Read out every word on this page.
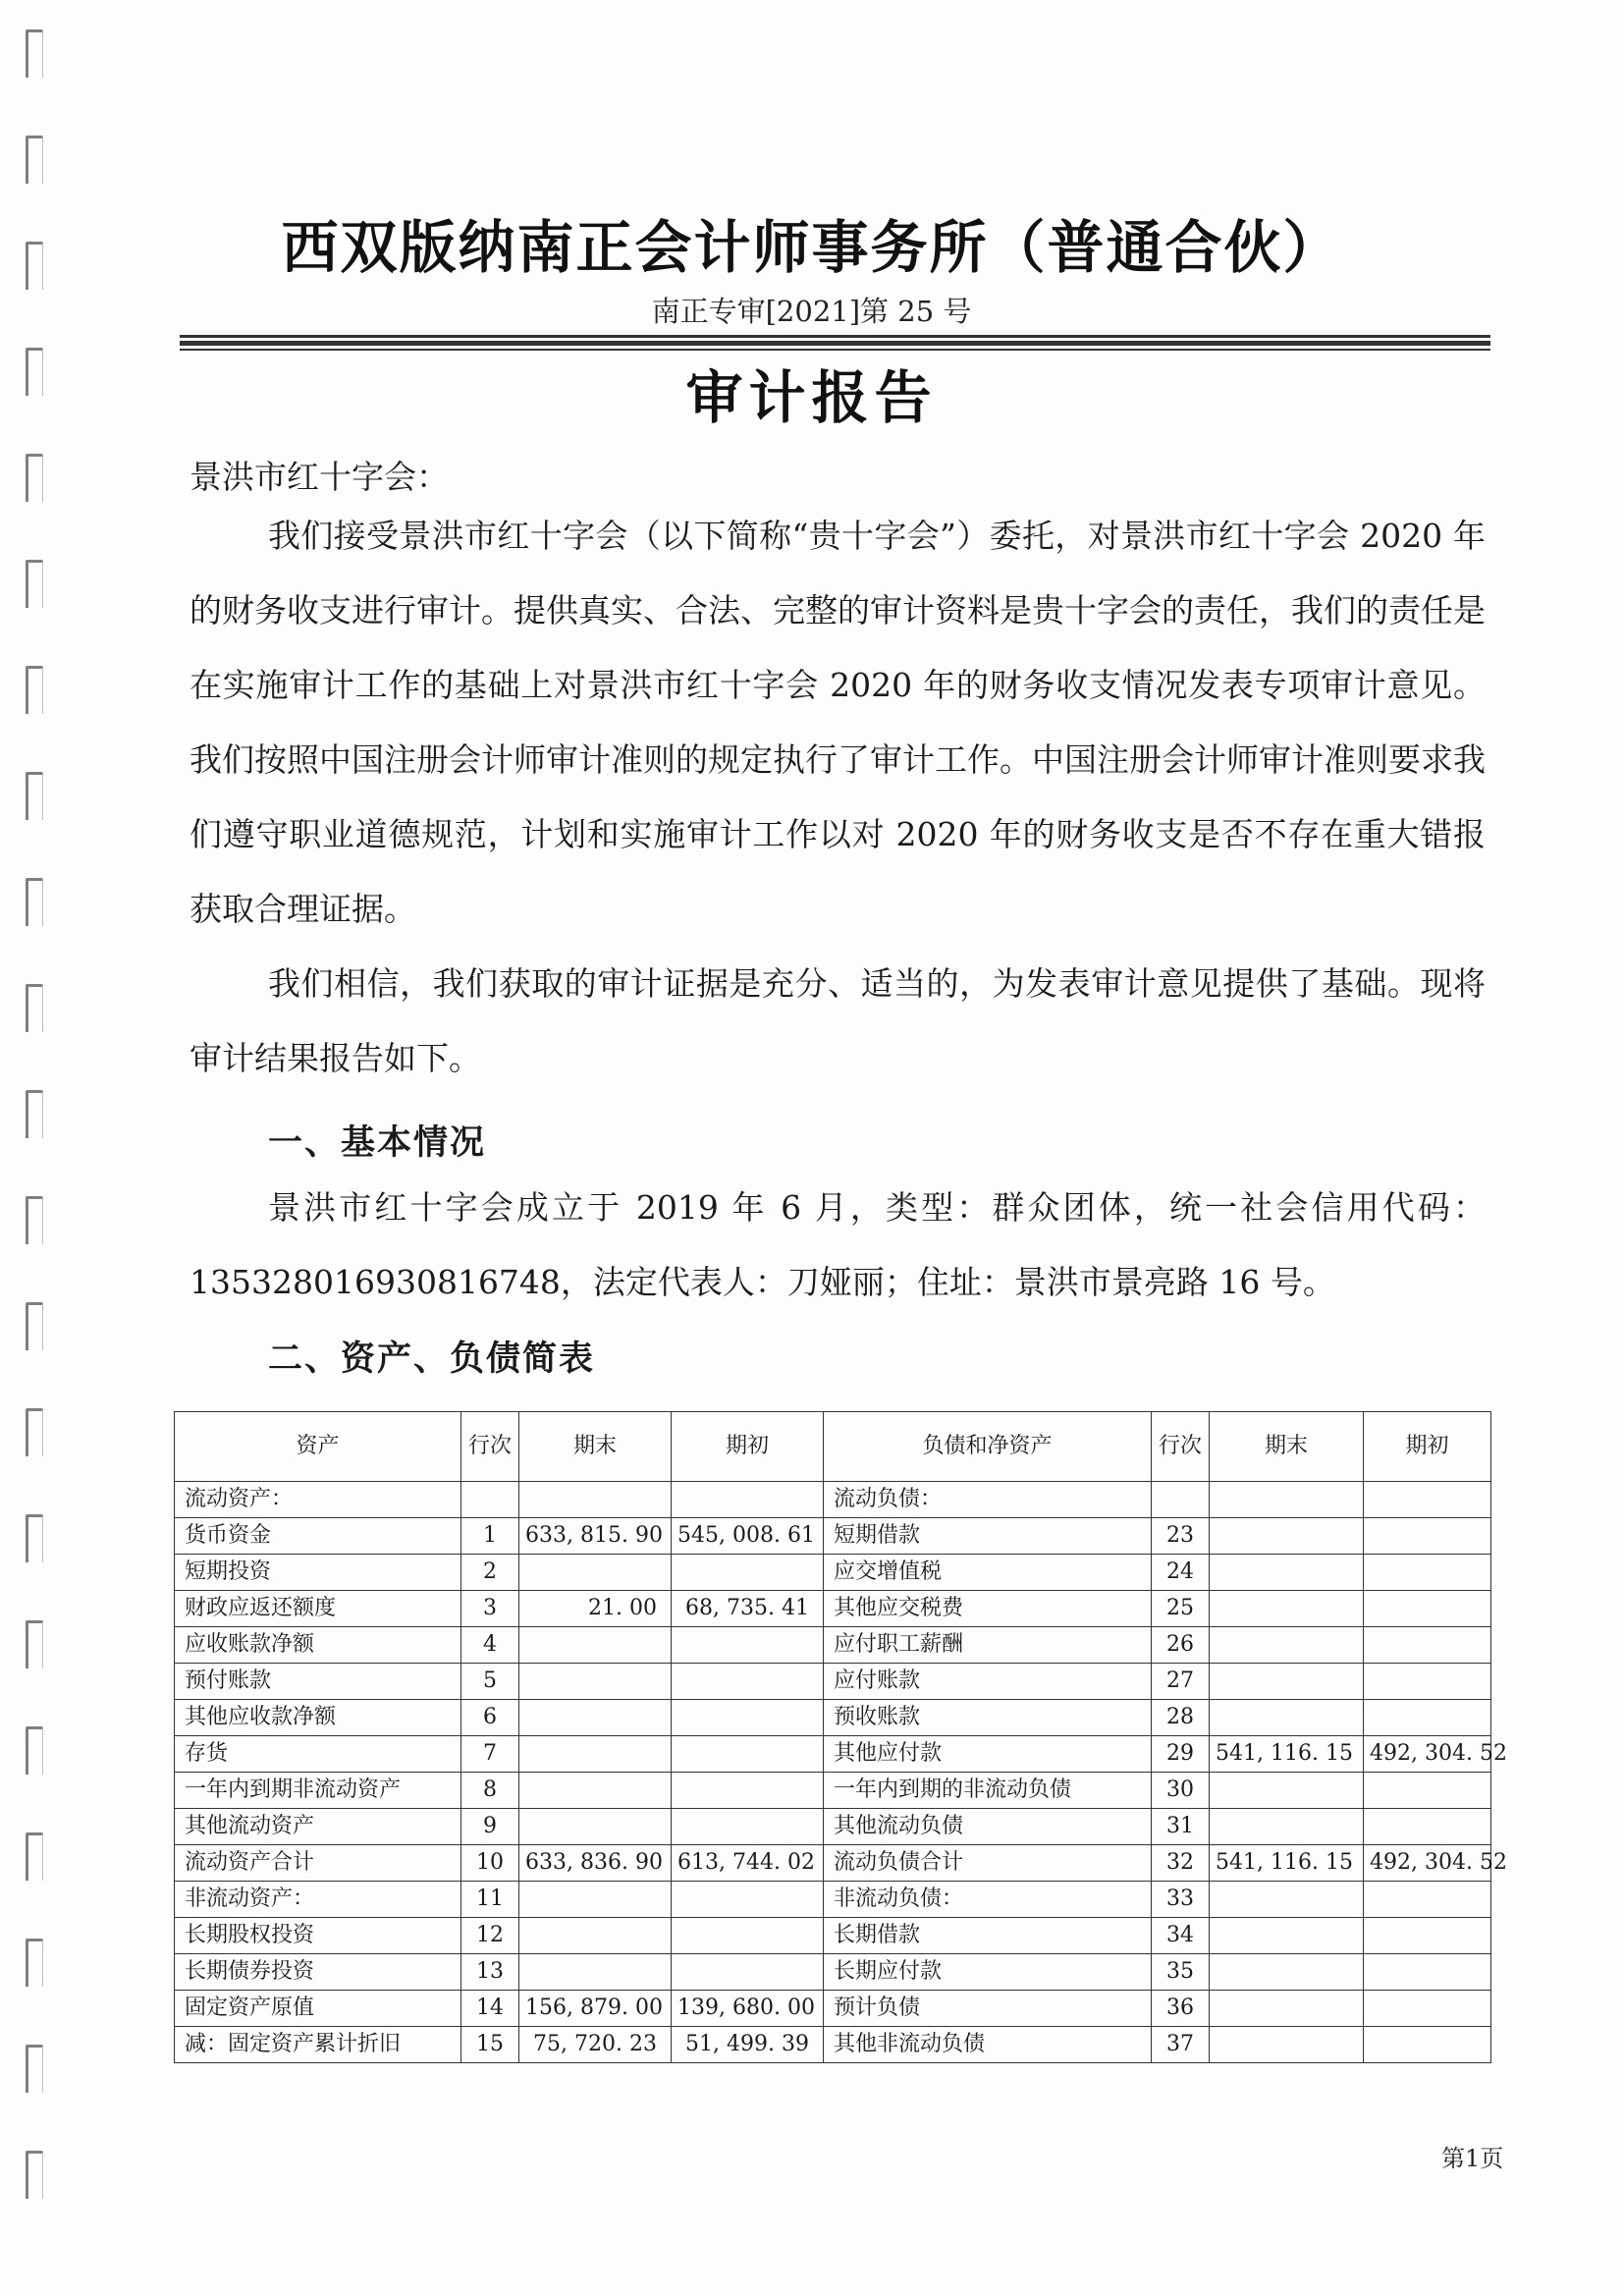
西双版纳南正会计师事务所（普通合伙）
南正专审[2021]第 25 号
审计报告
景洪市红十字会：

我们接受景洪市红十字会（以下简称“贵十字会”）委托，对景洪市红十字会 2020 年的财务收支进行审计。提供真实、合法、完整的审计资料是贵十字会的责任，我们的责任是在实施审计工作的基础上对景洪市红十字会 2020 年的财务收支情况发表专项审计意见。我们按照中国注册会计师审计准则的规定执行了审计工作。中国注册会计师审计准则要求我们遵守职业道德规范，计划和实施审计工作以对 2020 年的财务收支是否不存在重大错报获取合理证据。

我们相信，我们获取的审计证据是充分、适当的，为发表审计意见提供了基础。现将审计结果报告如下。

一、基本情况

景洪市红十字会成立于 2019 年 6 月，类型：群众团体，统一社会信用代码：135328016930816748，法定代表人：刀娅丽；住址：景洪市景亮路 16 号。

二、资产、负债简表
资产	行次	期末	期初	负债和净资产	行次	期末	期初
流动资产：				流动负债：			
货币资金	1	633, 815. 90	545, 008. 61	短期借款	23		
短期投资	2			应交增值税	24		
财政应返还额度	3	21. 00	68, 735. 41	其他应交税费	25		
应收账款净额	4			应付职工薪酬	26		
预付账款	5			应付账款	27		
其他应收款净额	6			预收账款	28		
存货	7			其他应付款	29	541, 116. 15	492, 304. 52
一年内到期非流动资产	8			一年内到期的非流动负债	30		
其他流动资产	9			其他流动负债	31		
流动资产合计	10	633, 836. 90	613, 744. 02	流动负债合计	32	541, 116. 15	492, 304. 52
非流动资产：	11			非流动负债：	33		
长期股权投资	12			长期借款	34		
长期债券投资	13			长期应付款	35		
固定资产原值	14	156, 879. 00	139, 680. 00	预计负债	36		
减：固定资产累计折旧	15	75, 720. 23	51, 499. 39	其他非流动负债	37		
第1页
